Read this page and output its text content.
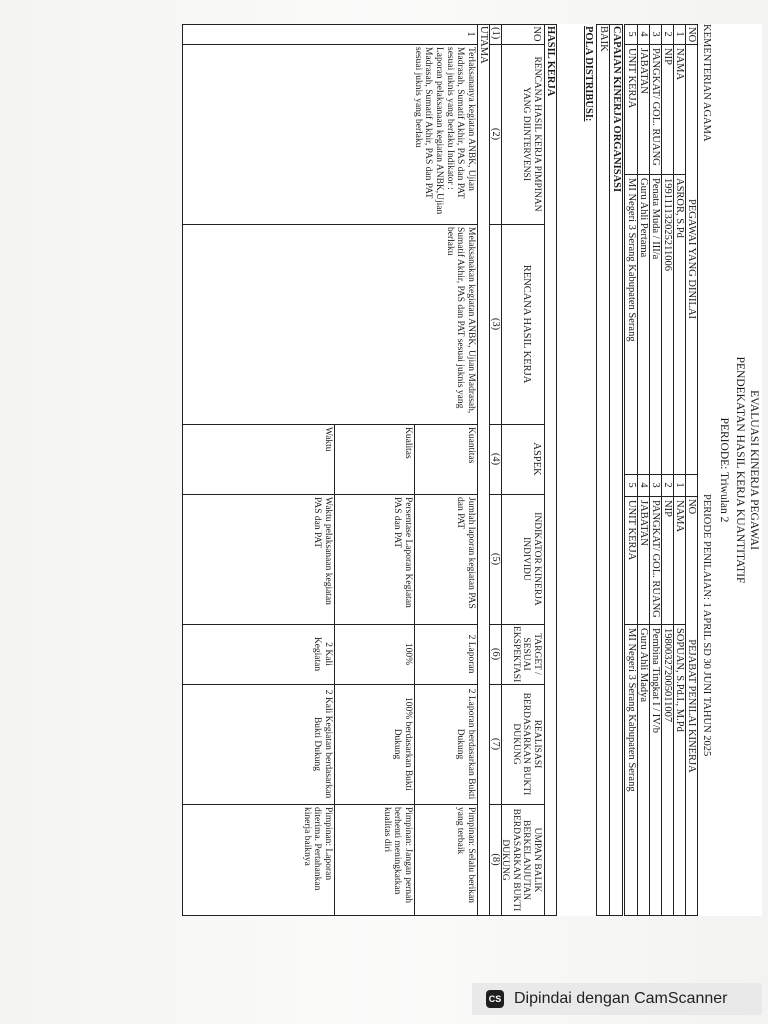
EVALUASI KINERJA PEGAWAI
PENDEKATAN HASIL KERJA KUANTITATIF
PERIODE: Triwulan 2
KEMENTERIAN AGAMA
PERIODE PENILAIAN: 1 APRIL SD 30 JUNI TAHUN 2025
NO
PEGAWAI YANG DINILAI
NO
PEJABAT PENILAI KINERJA
1
NAMA
ASROR, S.Pd
2
NIP
199111132025211006
3
PANGKAT/ GOL. RUANG
Penata Muda / III/a
4
JABATAN
Guru Ahli Pertama
5
UNIT KERJA
MI Negeri 3 Serang Kabupaten Serang
1
NAMA
SOPUAN, S.Pd.I., M.Pd
2
NIP
198003272005011007
3
PANGKAT/ GOL. RUANG
Pembina Tingkat I / IV/b
4
JABATAN
Guru Ahli Madya
5
UNIT KERJA
MI Negeri 3 Serang Kabupaten Serang
CAPAIAN KINERJA ORGANISASI
BAIK
POLA DISTRIBUSI:
HASIL KERJA
NO
RENCANA HASIL KERJA PIMPINAN YANG DIINTERVENSI
RENCANA HASIL KERJA
ASPEK
INDIKATOR KINERJA INDIVIDU
TARGET / SESUAI EKSPEKTASI
REALISASI BERDASARKAN BUKTI DUKUNG
UMPAN BALIK BERKELANJUTAN BERDASARKAN BUKTI DUKUNG
(1)
(2)
(3)
(4)
(5)
(6)
(7)
(8)
UTAMA
1
Terlaksananya kegiatan ANBK, Ujian Madrasah, Sumatif Akhir, PAS dan PAT sesuai juknis yang berlaku Indikator : Laporan pelaksanaan kegiatan ANBK,Ujian Madrasah, Sumatif Akhir, PAS dan PAT sesuai juknis yang berlaku
Melaksanakan kegiatan ANBK, Ujian Madrasah, Sumatif Akhir, PAS dan PAT sesuai juknis yang berlaku
Kuantitas
Jumlah laporan kegiatan PAS dan PAT
2 Laporan
2 Laporan berdasarkan Bukti Dukung
Pimpinan: Selalu berikan yang terbaik
Kualitas
Persentase Laporan Kegiatan PAS dan PAT
100%
100% berdasarkan Bukti Dukung
Pimpinan: Jangan pernah berhenti meningkatkan kualitas diri
Waktu
Waktu pelaksanaan kegiatan PAS dan PAT
2 Kali Kegiatan
2 Kali Kegiatan berdasarkan Bukti Dukung
Pimpinan: Laporan diterima. Pertahankan kinerja baiknya
CS Dipindai dengan CamScanner
